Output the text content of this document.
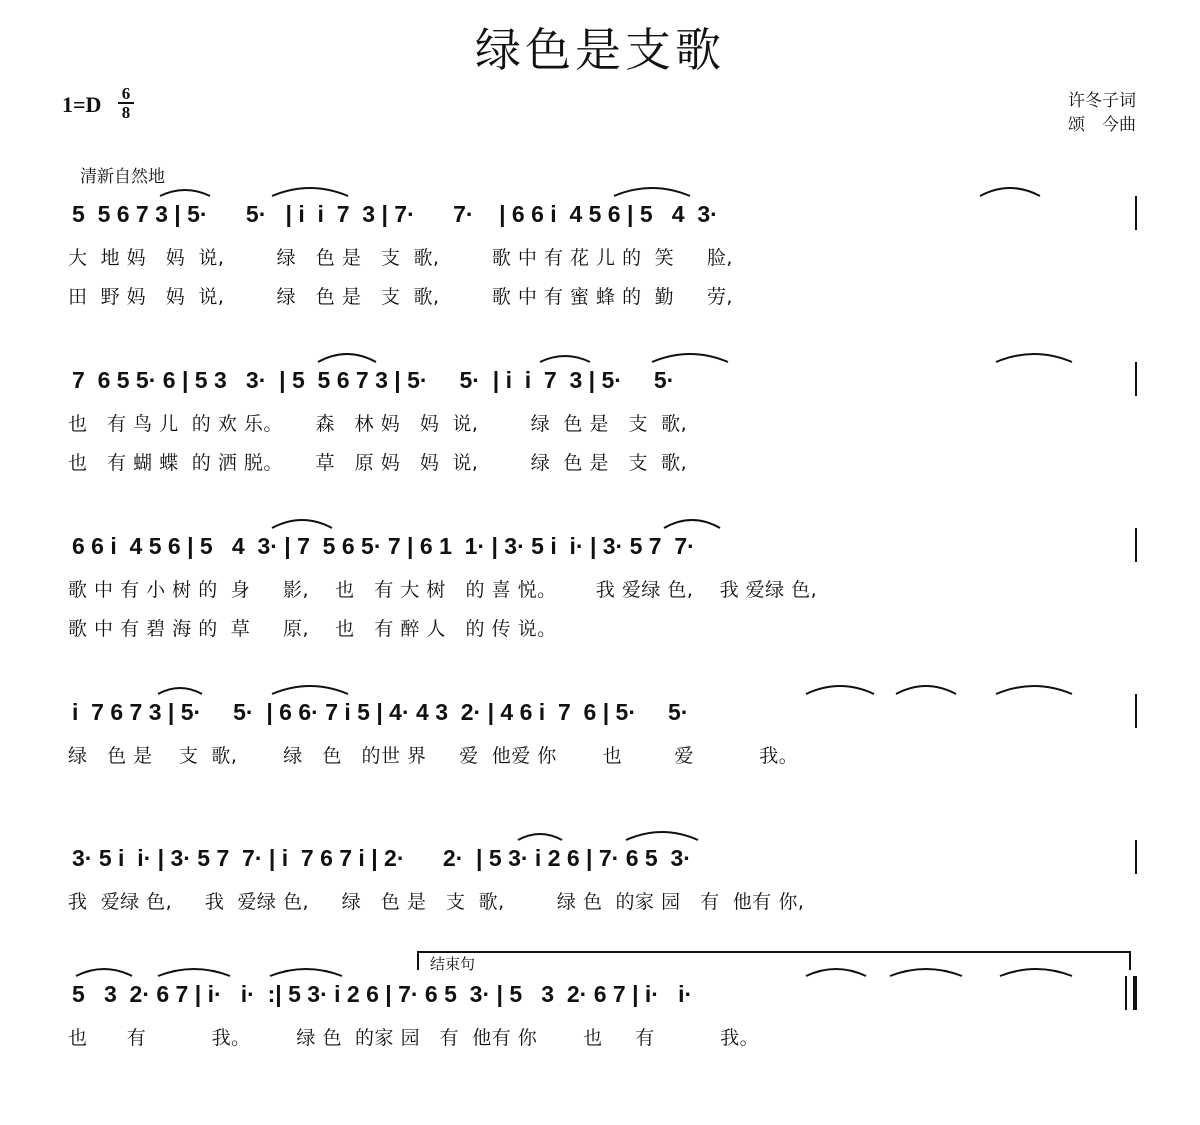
绿色是支歌
1=D 6
8
许冬子词
颂　今曲
清新自然地
5  5 6 7 3 | 5·      5·   | i  i  7  3 | 7·      7·    | 6 6 i  4 5 6 | 5   4  3·
大  地 妈   妈  说,        绿   色 是   支  歌,        歌 中 有 花 儿 的  笑     脸,
田  野 妈   妈  说,        绿   色 是   支  歌,        歌 中 有 蜜 蜂 的  勤     劳,
7  6 5 5· 6 | 5 3   3·  | 5  5 6 7 3 | 5·     5·  | i  i  7  3 | 5·     5·
也   有 鸟 儿  的 欢 乐。     森   林 妈   妈  说,        绿  色 是   支  歌,
也   有 蝴 蝶  的 洒 脱。     草   原 妈   妈  说,        绿  色 是   支  歌,
6 6 i  4 5 6 | 5   4  3· | 7  5 6 5· 7 | 6 1  1· | 3· 5 i  i· | 3· 5 7  7·
歌 中 有 小 树 的  身     影,    也   有 大 树   的 喜 悦。      我 爱绿 色,    我 爱绿 色,
歌 中 有 碧 海 的  草     原,    也   有 醉 人   的 传 说。
i  7 6 7 3 | 5·     5·  | 6 6· 7 i 5 | 4· 4 3  2· | 4 6 i  7  6 | 5·     5·
绿   色 是    支  歌,       绿   色   的世 界     爱  他爱 你       也        爱          我。
3· 5 i  i· | 3· 5 7  7· | i  7 6 7 i | 2·      2·  | 5 3· i 2 6 | 7· 6 5  3·
我  爱绿 色,     我  爱绿 色,     绿   色 是   支  歌,        绿 色  的家 园   有  他有 你,
结束句
5   3  2· 6 7 | i·   i·  :| 5 3· i 2 6 | 7· 6 5  3· | 5   3  2· 6 7 | i·   i·
也      有          我。       绿 色  的家 园   有  他有 你       也     有          我。
